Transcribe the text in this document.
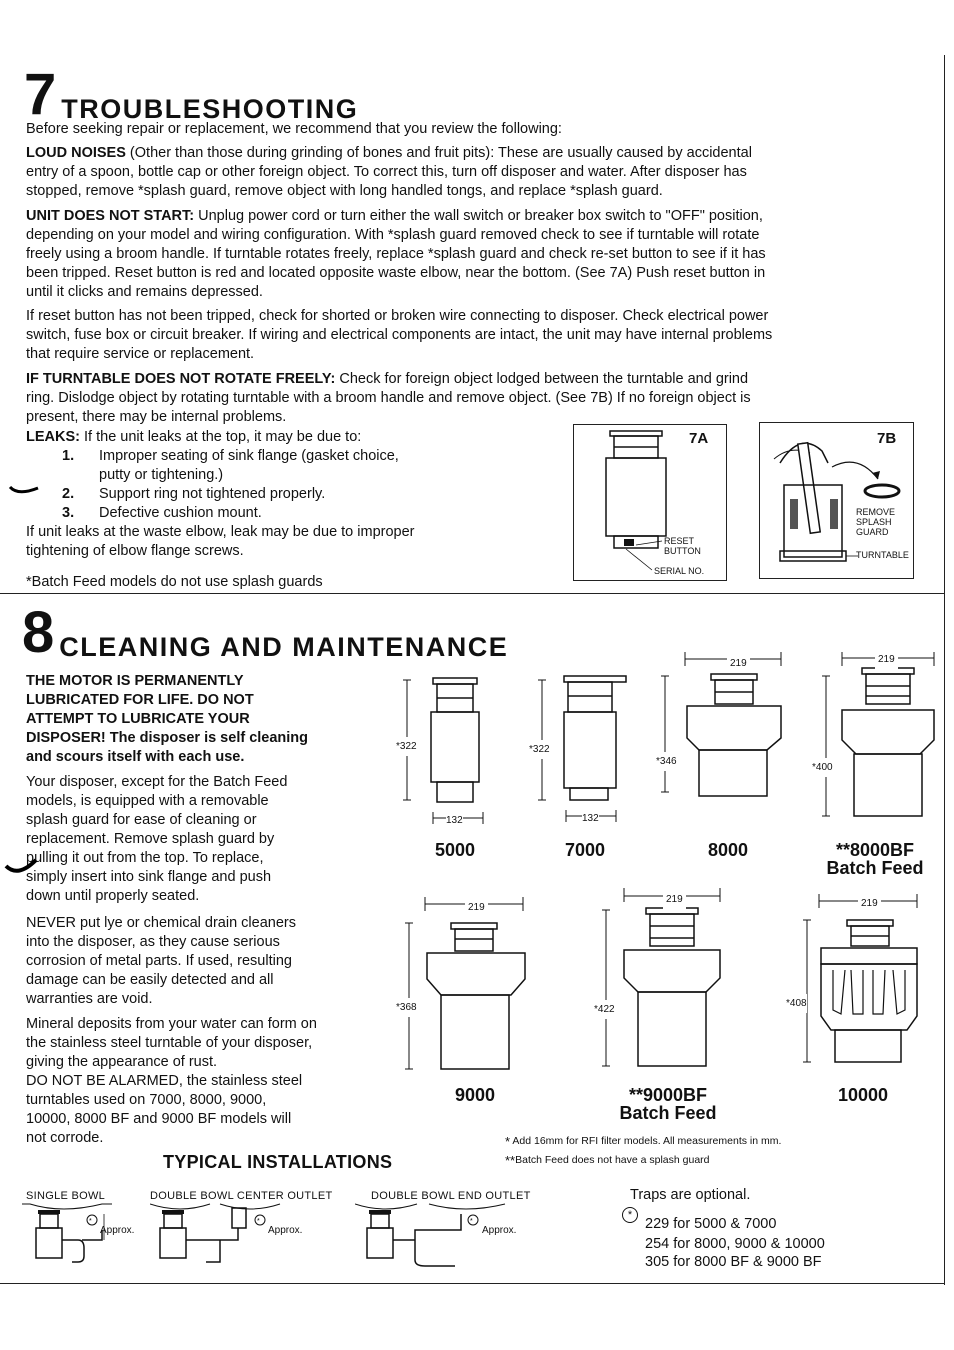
7 TROUBLESHOOTING

Before seeking repair or replacement, we recommend that you review the following:

LOUD NOISES (Other than those during grinding of bones and fruit pits): These are usually caused by accidental

entry of a spoon, bottle cap or other foreign object. To correct this, turn off disposer and water. After disposer has

stopped, remove *splash guard, remove object with long handled tongs, and replace *splash guard.

UNIT DOES NOT START: Unplug power cord or turn either the wall switch or breaker box switch to "OFF" position,

depending on your model and wiring configuration. With *splash guard removed check to see if turntable will rotate

freely using a broom handle. If turntable rotates freely, replace *splash guard and check re-set button to see if it has

been tripped. Reset button is red and located opposite waste elbow, near the bottom. (See 7A) Push reset button in

until it clicks and remains depressed.

If reset button has not been tripped, check for shorted or broken wire connecting to disposer. Check electrical power

switch, fuse box or circuit breaker. If wiring and electrical components are intact, the unit may have internal problems

that require service or replacement.

IF TURNTABLE DOES NOT ROTATE FREELY: Check for foreign object lodged between the turntable and grind

ring. Dislodge object by rotating turntable with a broom handle and remove object. (See 7B) If no foreign object is

present, there may be internal problems.

LEAKS: If the unit leaks at the top, it may be due to:

1. Improper seating of sink flange (gasket choice,
putty or tightening.)
2. Support ring not tightened properly.
3. Defective cushion mount.

If unit leaks at the waste elbow, leak may be due to improper

tightening of elbow flange screws.

*Batch Feed models do not use splash guards

7A
RESET
BUTTON
SERIAL NO.
7B
REMOVE
SPLASH
GUARD
TURNTABLE
8 CLEANING AND MAINTENANCE

THE MOTOR IS PERMANENTLY

LUBRICATED FOR LIFE. DO NOT

ATTEMPT TO LUBRICATE YOUR

DISPOSER! The disposer is self cleaning

and scours itself with each use.

Your disposer, except for the Batch Feed

models, is equipped with a removable

splash guard for ease of cleaning or

replacement. Remove splash guard by

pulling it out from the top. To replace,

simply insert into sink flange and push

down until properly seated.

NEVER put lye or chemical drain cleaners

into the disposer, as they cause serious

corrosion of metal parts. If used, resulting

damage can be easily detected and all

warranties are void.

Mineral deposits from your water can form on

the stainless steel turntable of your disposer,

giving the appearance of rust.

DO NOT BE ALARMED, the stainless steel

turntables used on 7000, 8000, 9000,

10000, 8000 BF and 9000 BF models will

not corrode.

*322
132
5000
*322
132
7000
219
*346
8000
219
*400
**8000BF
Batch Feed
219
*368
9000
219
*422
**9000BF
Batch Feed
219
*408
10000
* Add 16mm for RFI filter models. All measurements in mm.
**Batch Feed does not have a splash guard

TYPICAL INSTALLATIONS

SINGLE BOWL
*
Approx.
DOUBLE BOWL CENTER OUTLET
*
Approx.
DOUBLE BOWL END OUTLET
*
Approx.

Traps are optional.

*

229 for 5000 & 7000

254 for 8000, 9000 & 10000

305 for 8000 BF & 9000 BF
